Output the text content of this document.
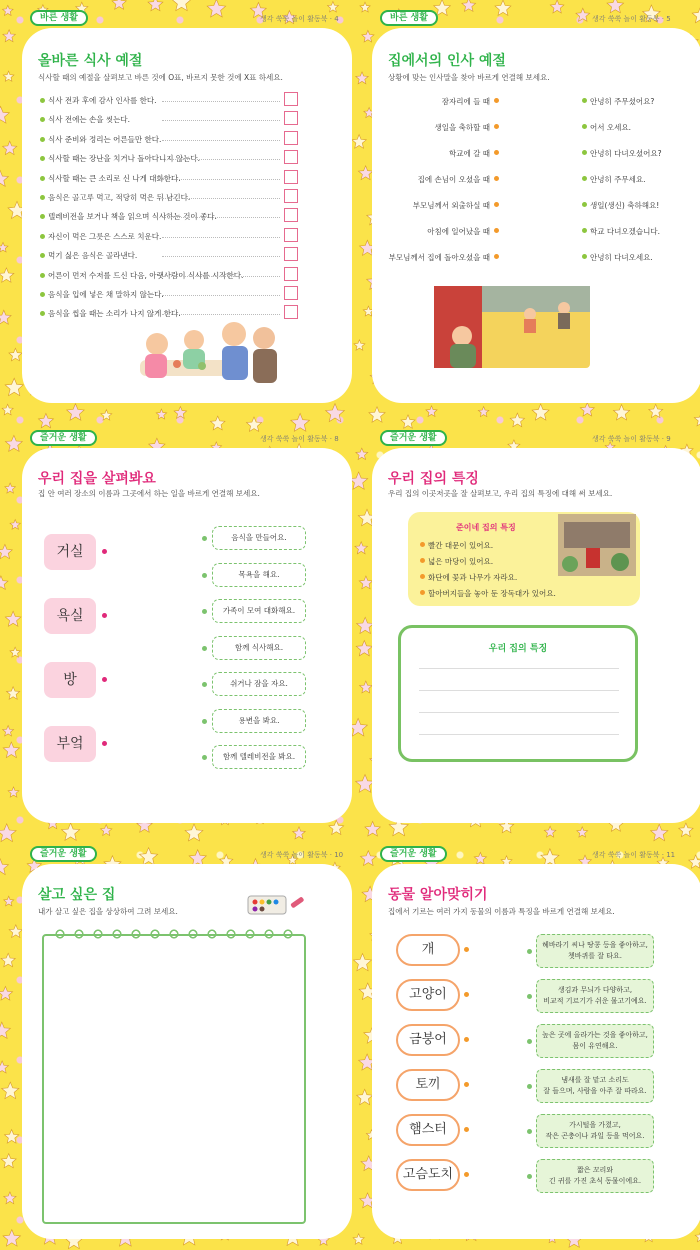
바른 생활	생각 쑥쑥 놀이 활동북 · 4
올바른 식사 예절
식사할 때의 예절을 살펴보고 바른 것에 O표, 바르지 못한 것에 X표 하세요.
식사 전과 후에 감사 인사를 한다.
식사 전에는 손을 씻는다.
식사 준비와 정리는 어른들만 한다.
식사할 때는 장난을 치거나 돌아다니지 않는다.
식사할 때는 큰 소리로 신 나게 대화한다.
음식은 골고루 먹고, 적당히 먹은 뒤 남긴다.
텔레비전을 보거나 책을 읽으며 식사하는 것이 좋다.
자신이 먹은 그릇은 스스로 치운다.
먹기 싫은 음식은 골라낸다.
어른이 먼저 수저를 드신 다음, 아랫사람이 식사를 시작한다.
음식을 입에 넣은 채 말하지 않는다.
음식을 씹을 때는 소리가 나지 않게 한다.
바른 생활	생각 쑥쑥 놀이 활동북 · 5
집에서의 인사 예절
상황에 맞는 인사말을 찾아 바르게 연결해 보세요.
잠자리에 들 때	안녕히 주무셨어요?
생일을 축하할 때	어서 오세요.
학교에 갈 때	안녕히 다녀오셨어요?
집에 손님이 오셨을 때	안녕히 주무세요.
부모님께서 외출하실 때	생일(생신) 축하해요!
아침에 일어났을 때	학교 다녀오겠습니다.
부모님께서 집에 돌아오셨을 때	안녕히 다녀오세요.
즐거운 생활	생각 쑥쑥 놀이 활동북 · 8
우리 집을 살펴봐요
집 안 여러 장소의 이름과 그곳에서 하는 일을 바르게 연결해 보세요.
거실
욕실
방
부엌
음식을 만들어요.
목욕을 해요.
가족이 모여 대화해요.
함께 식사해요.
쉬거나 잠을 자요.
용변을 봐요.
함께 텔레비전을 봐요.
즐거운 생활	생각 쑥쑥 놀이 활동북 · 9
우리 집의 특징
우리 집의 이곳저곳을 잘 살펴보고, 우리 집의 특징에 대해 써 보세요.
준이네 집의 특징
빨간 대문이 있어요.
넓은 마당이 있어요.
화단에 꽃과 나무가 자라요.
할아버지들을 놓아 둔 장독대가 있어요.
우리 집의 특징
즐거운 생활	생각 쑥쑥 놀이 활동북 · 10
살고 싶은 집
내가 살고 싶은 집을 상상하여 그려 보세요.
즐거운 생활	생각 쑥쑥 놀이 활동북 · 11
동물 알아맞히기
집에서 기르는 여러 가지 동물의 이름과 특징을 바르게 연결해 보세요.
개
고양이
금붕어
토끼
햄스터
고슴도치
헤바라기 씨나 땅콩 등을 좋아하고,
쳇바퀴를 잘 타요.
생김과 무늬가 다양하고,
비교적 기르기가 쉬운 물고기예요.
높은 곳에 올라가는 것을 좋아하고,
몸이 유연해요.
냄새를 잘 맡고 소리도
잘 들으며, 사람을 아주 잘 따라요.
가시털을 가졌고,
작은 곤충이나 과일 등을 먹어요.
짧은 꼬리와
긴 귀를 가진 초식 동물이에요.
